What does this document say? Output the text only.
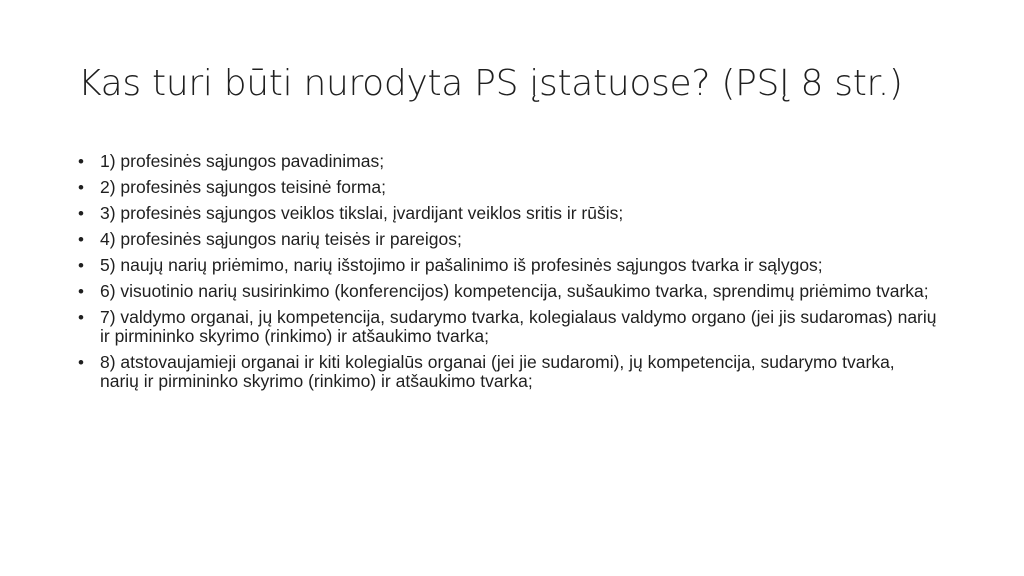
Kas turi būti nurodyta PS įstatuose? (PSĮ 8 str.)
• 1) profesinės sąjungos pavadinimas;
• 2) profesinės sąjungos teisinė forma;
• 3) profesinės sąjungos veiklos tikslai, įvardijant veiklos sritis ir rūšis;
• 4) profesinės sąjungos narių teisės ir pareigos;
• 5) naujų narių priėmimo, narių išstojimo ir pašalinimo iš profesinės sąjungos tvarka ir sąlygos;
• 6) visuotinio narių susirinkimo (konferencijos) kompetencija, sušaukimo tvarka, sprendimų priėmimo tvarka;
• 7) valdymo organai, jų kompetencija, sudarymo tvarka, kolegialaus valdymo organo (jei jis sudaromas) narių ir pirmininko skyrimo (rinkimo) ir atšaukimo tvarka;
• 8) atstovaujamieji organai ir kiti kolegialūs organai (jei jie sudaromi), jų kompetencija, sudarymo tvarka, narių ir pirmininko skyrimo (rinkimo) ir atšaukimo tvarka;
